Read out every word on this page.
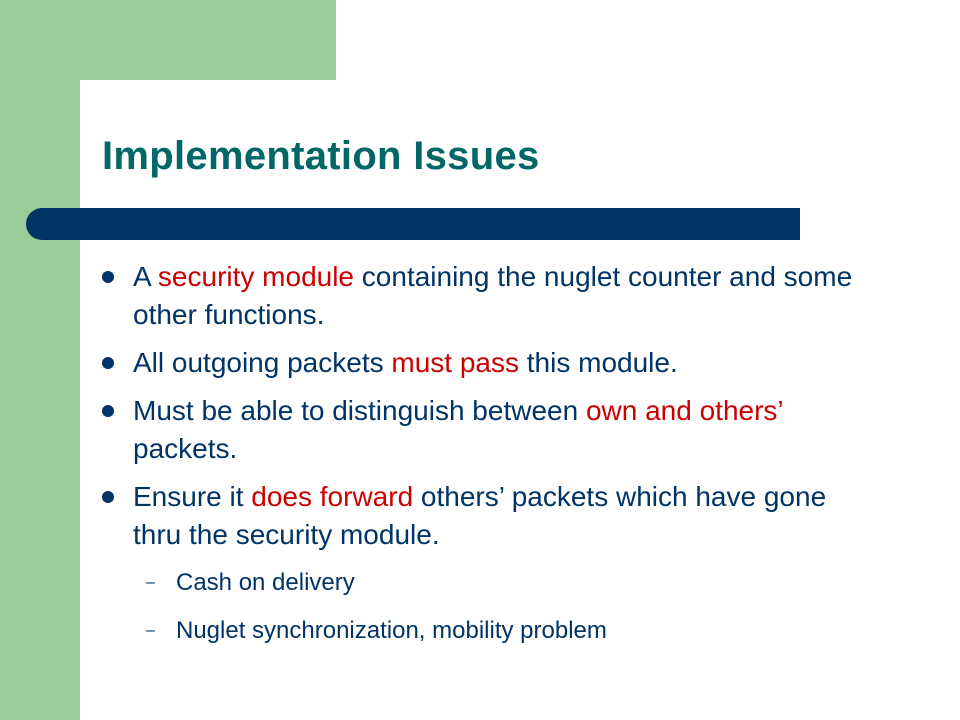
Implementation Issues
A security module containing the nuglet counter and some other functions.
All outgoing packets must pass this module.
Must be able to distinguish between own and others’ packets.
Ensure it does forward others’ packets which have gone thru the security module.
– Cash on delivery
– Nuglet synchronization, mobility problem
